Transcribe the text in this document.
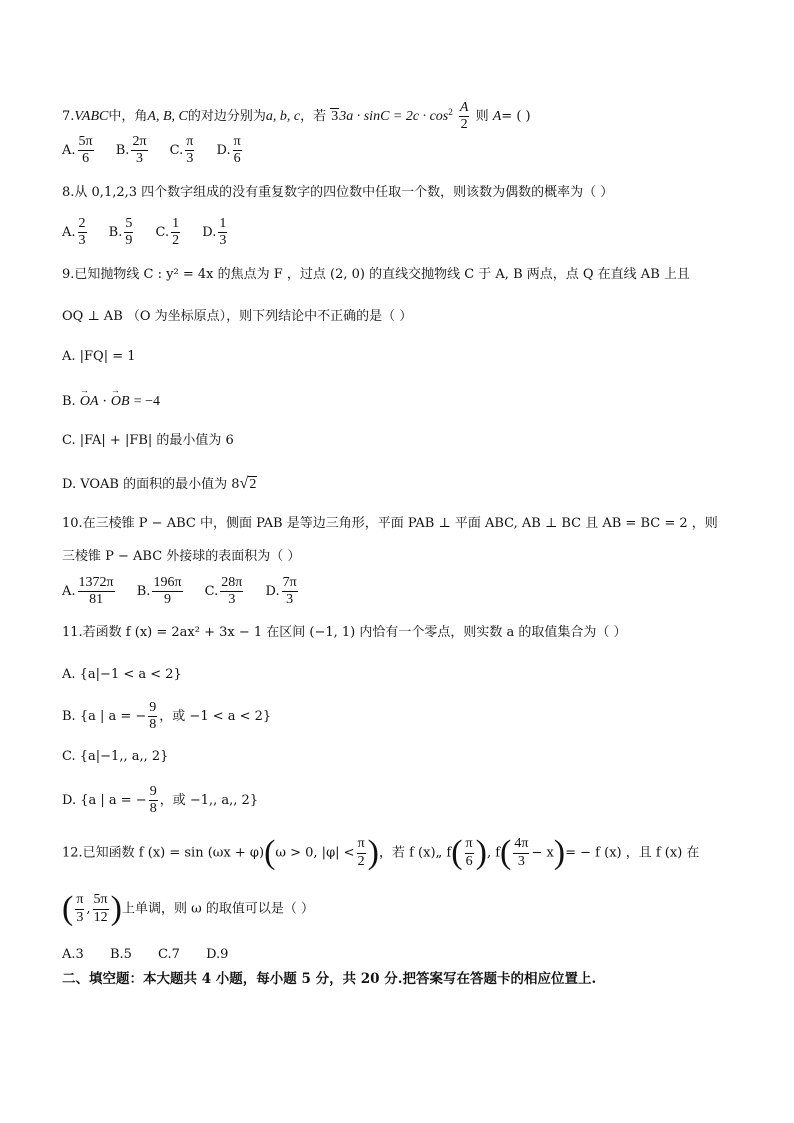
7.VABC中，角A, B, C的对边分别为a, b, c，若 $33a \cdot \sin C = 2c \cdot \cos^2 \frac{A}{2}$ 则 A= ( )
A. $\frac{5\pi}{6} B$. $\frac{2\pi}{3} C$. $\frac{\pi}{3} D$. $\frac{\pi}{6}$
8.从 0,1,2,3 四个数字组成的没有重复数字的四位数中任取一个数，则该数为偶数的概率为（ ）
A. $\frac{2}{3} B$. $\frac{5}{9} C$. $\frac{1}{2} D$. $\frac{1}{3}$
9.已知抛物线 C : y² = 4x 的焦点为 F ，过点 (2, 0) 的直线交抛物线 C 于 A, B 两点，点 Q 在直线 AB 上且
OQ ⊥ AB （O 为坐标原点），则下列结论中不正确的是（ ）
A. |FQ| = 1
B. → OA · → OB = −4
C. |FA| + |FB| 的最小值为 6
D. VOAB 的面积的最小值为 8√2
10.在三棱锥 P − ABC 中，侧面 PAB 是等边三角形，平面 PAB ⊥ 平面 ABC, AB ⊥ BC 且 AB = BC = 2 ，则
三棱锥 P − ABC 外接球的表面积为（ ）
A. $\frac{1372\pi}{81} B$. $\frac{196\pi}{9} C$. $\frac{28\pi}{3} D$. $\frac{7\pi}{3}$
11.若函数 f (x) = 2ax² + 3x − 1 在区间 (−1, 1) 内恰有一个零点，则实数 a 的取值集合为（ ）
A. {a|−1 < a < 2}
B. {a | a = − $\frac{9}{8}$ ，或 −1 < a < 2}
C. {a|−1,, a,, 2}
D. {a | a = − $\frac{9}{8}$ ，或 −1,, a,, 2}
12.已知函数 f (x) = sin (ωx + φ)(ω > 0, $|\varphi| < \frac{\pi}{2}$ )，若 f (x)„ $f( \frac{\pi}{6}$ ), $f( \frac{4\pi}{3} - x)= - f$ (x) ，且 f (x) 在
( $\frac{\pi}{3}$ , $\frac{5\pi}{12}$ )上单调，则 ω 的取值可以是（ ）
A.3 B.5 C.7 D.9
二、填空题：本大题共 4 小题，每小题 5 分，共 20 分.把答案写在答题卡的相应位置上.
